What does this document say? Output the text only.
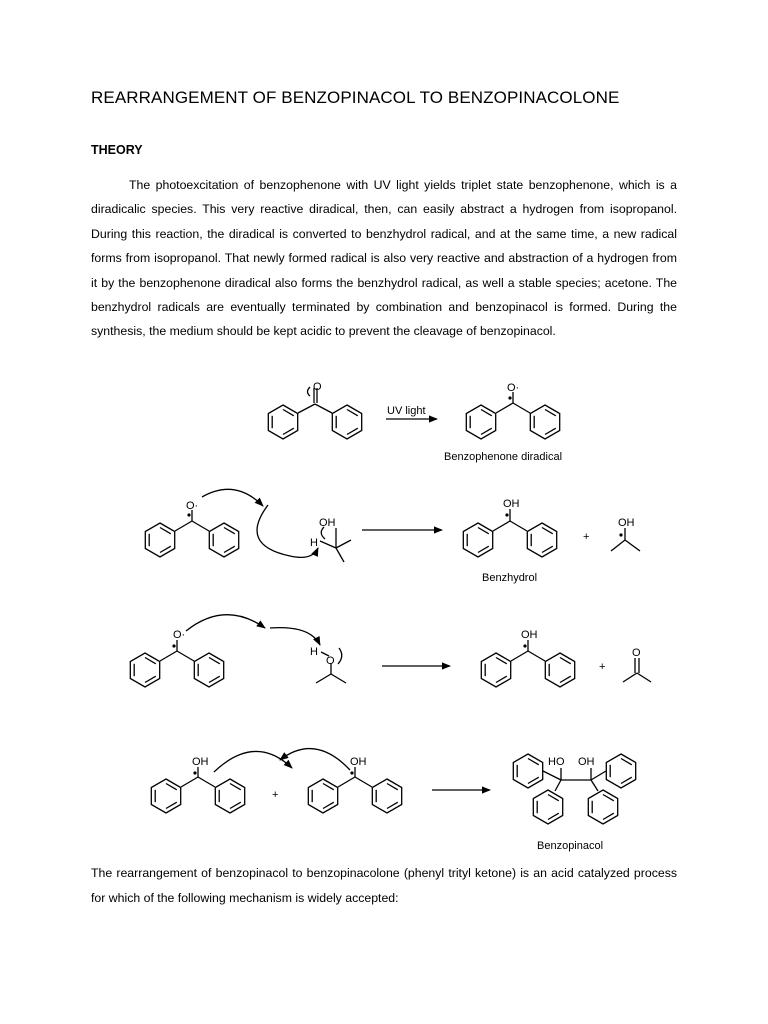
REARRANGEMENT OF BENZOPINACOL TO BENZOPINACOLONE
THEORY
The photoexcitation of benzophenone with UV light yields triplet state benzophenone, which is a diradicalic species. This very reactive diradical, then, can easily abstract a hydrogen from isopropanol. During this reaction, the diradical is converted to benzhydrol radical, and at the same time, a new radical forms from isopropanol. That newly formed radical is also very reactive and abstraction of a hydrogen from it by the benzophenone diradical also forms the benzhydrol radical, as well a stable species; acetone. The benzhydrol radicals are eventually terminated by combination and benzopinacol is formed. During the synthesis, the medium should be kept acidic to prevent the cleavage of benzopinacol.
O
UV light
O·
Benzophenone diradical
O·
OH
H
OH
+
OH
Benzhydrol
O·
H
O
OH
+
O
OH
+
OH	HO OH
Benzopinacol
The rearrangement of benzopinacol to benzopinacolone (phenyl trityl ketone) is an acid catalyzed process for which of the following mechanism is widely accepted:
